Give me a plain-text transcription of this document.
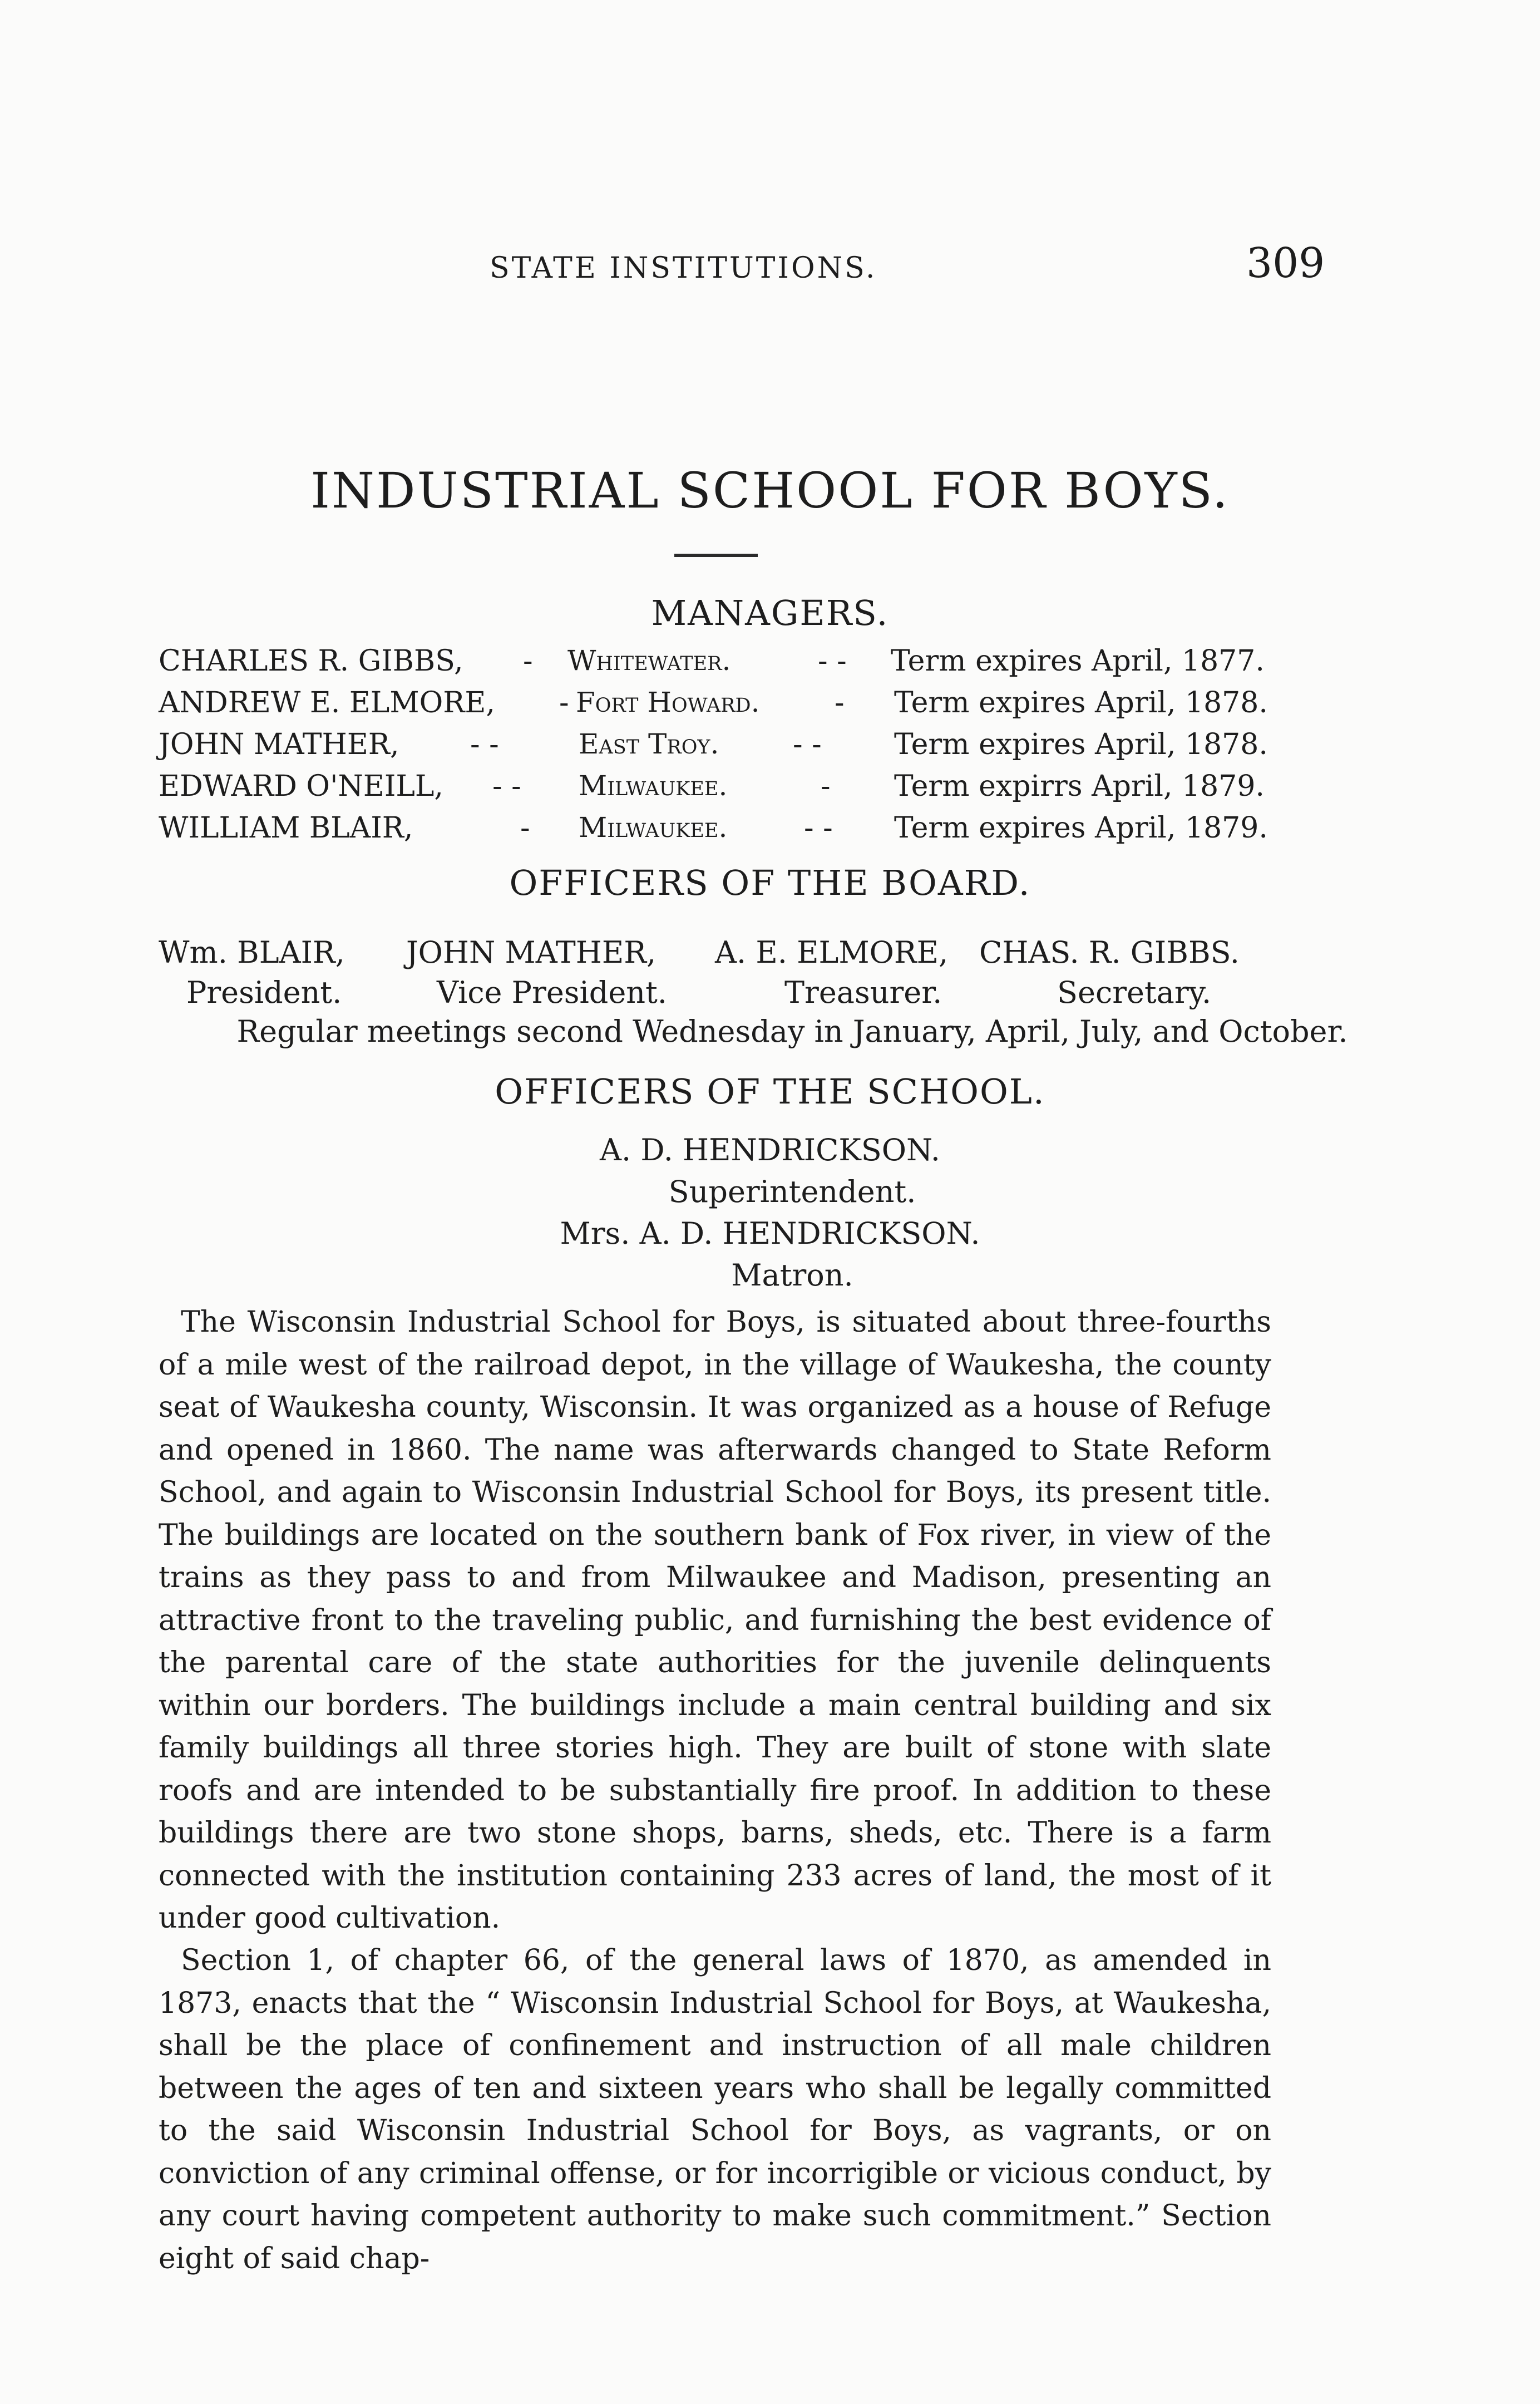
STATE INSTITUTIONS.	309
INDUSTRIAL SCHOOL FOR BOYS.
MANAGERS.
CHARLES R. GIBBS, - Whitewater.	- - Term expires April, 1877.
ANDREW E. ELMORE, - Fort Howard.	- Term expires April, 1878.
JOHN MATHER, - -	East Troy.	- -	Term expires April, 1878.
EDWARD O'NEILL, - - Milwaukee.	- Term expirrs April, 1879.
WILLIAM BLAIR,	- Milwaukee.	- - Term expires April, 1879.
OFFICERS OF THE BOARD.
Wm. BLAIR, JOHN MATHER, A. E. ELMORE, CHAS. R. GIBBS.
President.	Vice President.	Treasurer.	Secretary.
Regular meetings second Wednesday in January, April, July, and October.
OFFICERS OF THE SCHOOL.
A. D. HENDRICKSON.
Superintendent.
Mrs. A. D. HENDRICKSON.
Matron.
The Wisconsin Industrial School for Boys, is situated about three-fourths of a mile west of the railroad depot, in the village of Waukesha, the county seat of Waukesha county, Wisconsin. It was organized as a house of Refuge and opened in 1860. The name was afterwards changed to State Reform School, and again to Wisconsin Industrial School for Boys, its present title. The buildings are located on the southern bank of Fox river, in view of the trains as they pass to and from Milwaukee and Madison, presenting an attractive front to the traveling public, and furnishing the best evidence of the parental care of the state authorities for the juvenile delinquents within our borders. The buildings include a main central building and six family buildings all three stories high. They are built of stone with slate roofs and are intended to be substantially fire proof. In addition to these buildings there are two stone shops, barns, sheds, etc. There is a farm connected with the institution containing 233 acres of land, the most of it under good cultivation.
Section 1, of chapter 66, of the general laws of 1870, as amended in 1873, enacts that the “ Wisconsin Industrial School for Boys, at Waukesha, shall be the place of confinement and instruction of all male children between the ages of ten and sixteen years who shall be legally committed to the said Wisconsin Industrial School for Boys, as vagrants, or on conviction of any criminal offense, or for incorrigible or vicious conduct, by any court having competent authority to make such commitment.” Section eight of said chap-
